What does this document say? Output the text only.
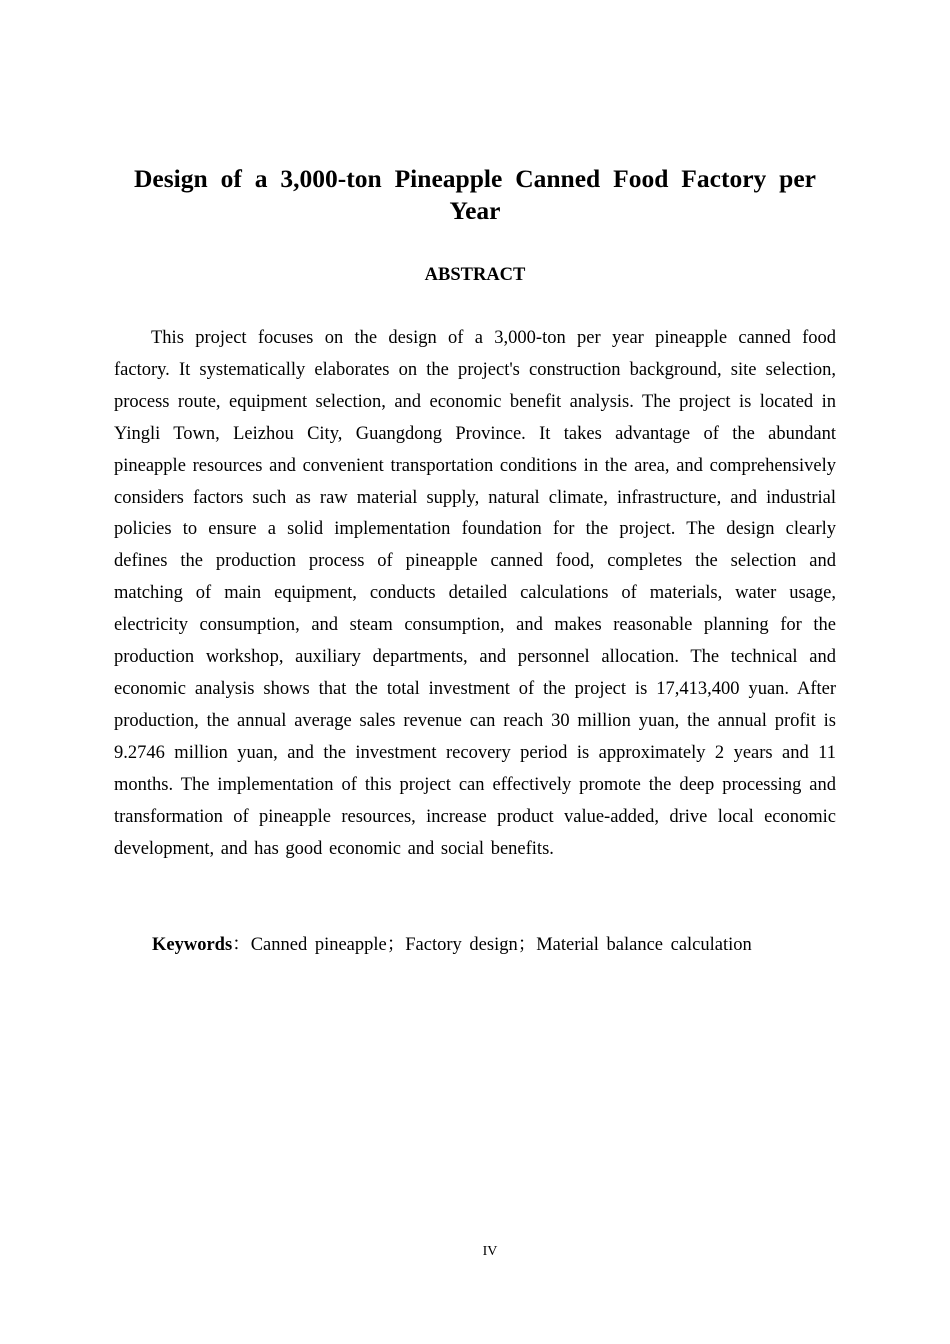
Design of a 3,000-ton Pineapple Canned Food Factory per Year
ABSTRACT

This project focuses on the design of a 3,000-ton per year pineapple canned food factory. It systematically elaborates on the project's construction background, site selection, process route, equipment selection, and economic benefit analysis. The project is located in Yingli Town, Leizhou City, Guangdong Province. It takes advantage of the abundant pineapple resources and convenient transportation conditions in the area, and comprehensively considers factors such as raw material supply, natural climate, infrastructure, and industrial policies to ensure a solid implementation foundation for the project. The design clearly defines the production process of pineapple canned food, completes the selection and matching of main equipment, conducts detailed calculations of materials, water usage, electricity consumption, and steam consumption, and makes reasonable planning for the production workshop, auxiliary departments, and personnel allocation. The technical and economic analysis shows that the total investment of the project is 17,413,400 yuan. After production, the annual average sales revenue can reach 30 million yuan, the annual profit is 9.2746 million yuan, and the investment recovery period is approximately 2 years and 11 months. The implementation of this project can effectively promote the deep processing and transformation of pineapple resources, increase product value-added, drive local economic development, and has good economic and social benefits.

Keywords：Canned pineapple；Factory design；Material balance calculation

IV
